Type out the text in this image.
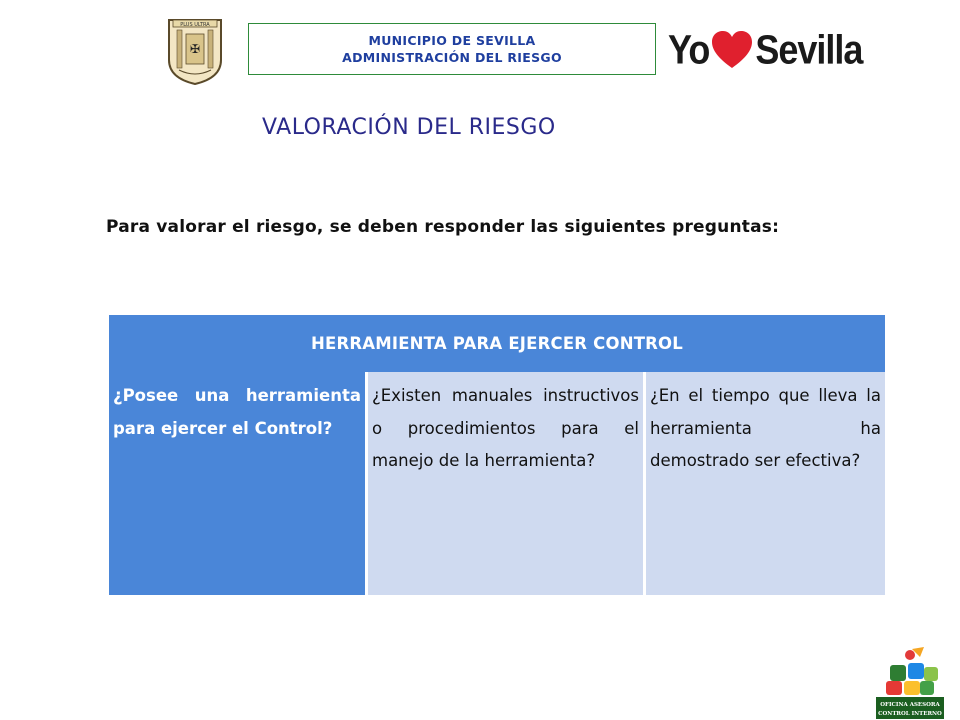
PLUS ULTRA
✠
MUNICIPIO DE SEVILLA
ADMINISTRACIÓN DEL RIESGO	Yo Sevilla
VALORACIÓN DEL RIESGO
Para valorar el riesgo, se deben responder las siguientes preguntas:
HERRAMIENTA PARA EJERCER CONTROL
¿Posee una herramienta para ejercer el Control?
¿Existen manuales instructivos o procedimientos para el manejo de la herramienta?
¿En el tiempo que lleva la herramienta ha demostrado ser efectiva?
OFICINA ASESORA
CONTROL INTERNO
